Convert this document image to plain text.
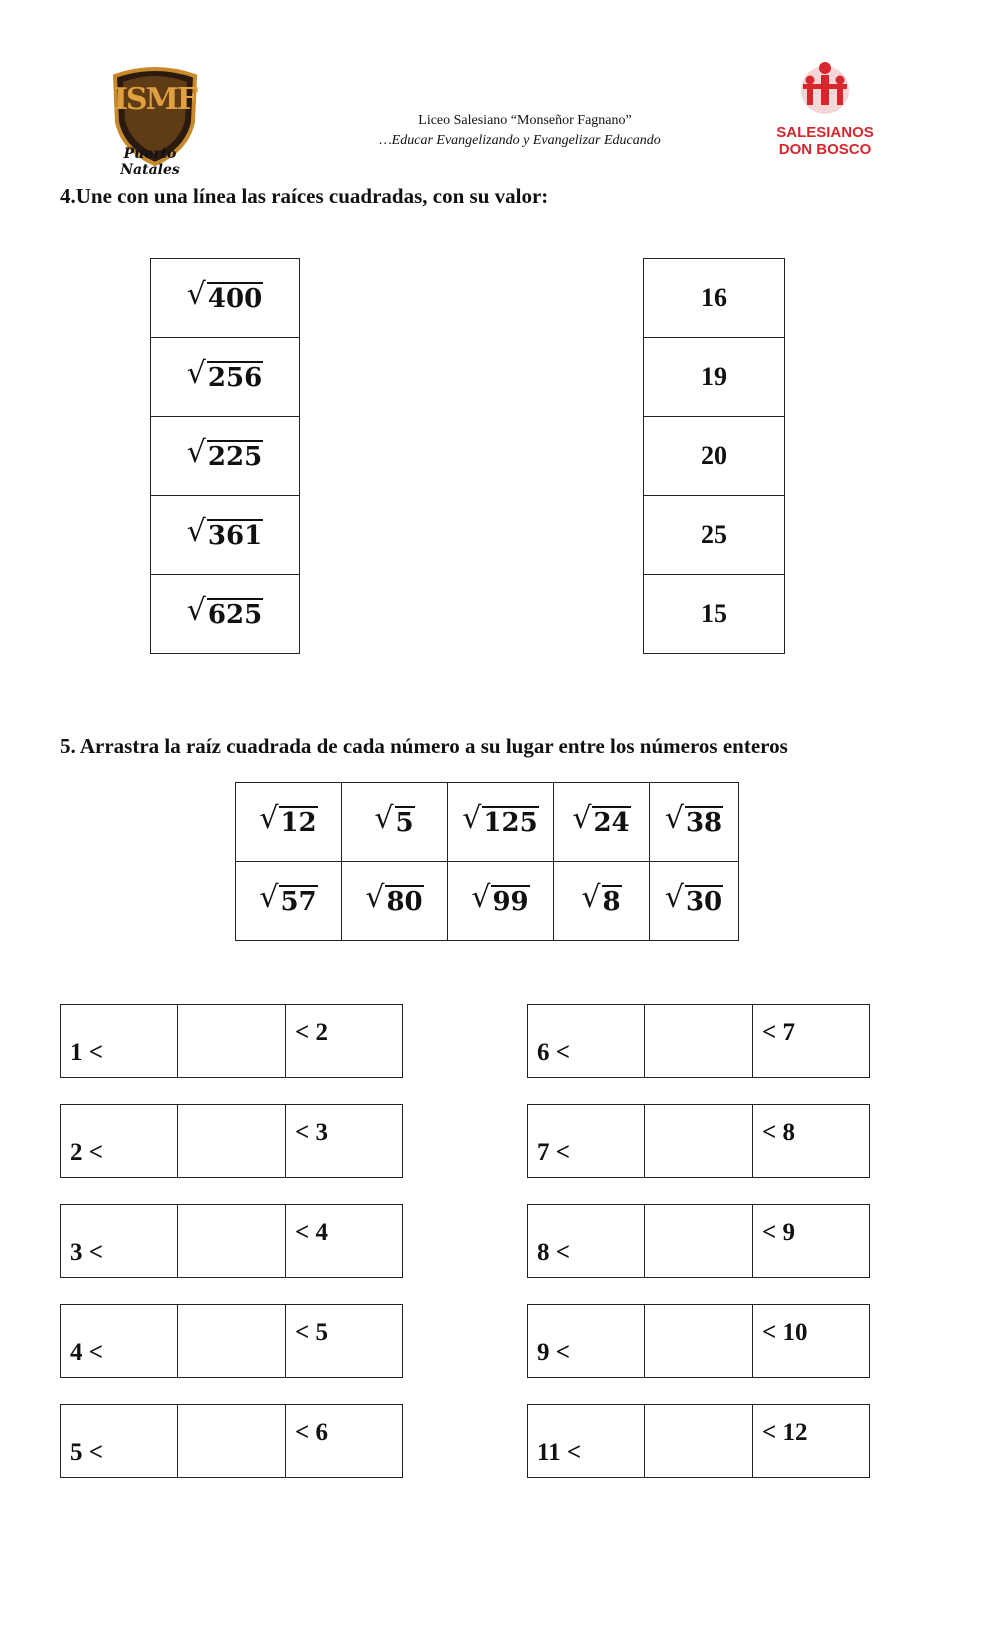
ISMF
Puerto Natales
Liceo Salesiano “Monseñor Fagnano”
…Educar Evangelizando y Evangelizar Educando	SALESIANOS
DON BOSCO
4.Une con una línea las raíces cuadradas, con su valor:
√ 400

√ 256

√ 225

√ 361

√ 625
16
19
20
25
15
5. Arrastra la raíz cuadrada de cada número a su lugar entre los números enteros
√ 12	√ 5	√ 125	√ 24	√ 38

√ 57	√ 80	√ 99	√ 8	√ 30
1 <		< 2
2 <		< 3
3 <		< 4
4 <		< 5
5 <		< 6
6 <		< 7
7 <		< 8
8 <		< 9
9 <		< 10
11 <		< 12
